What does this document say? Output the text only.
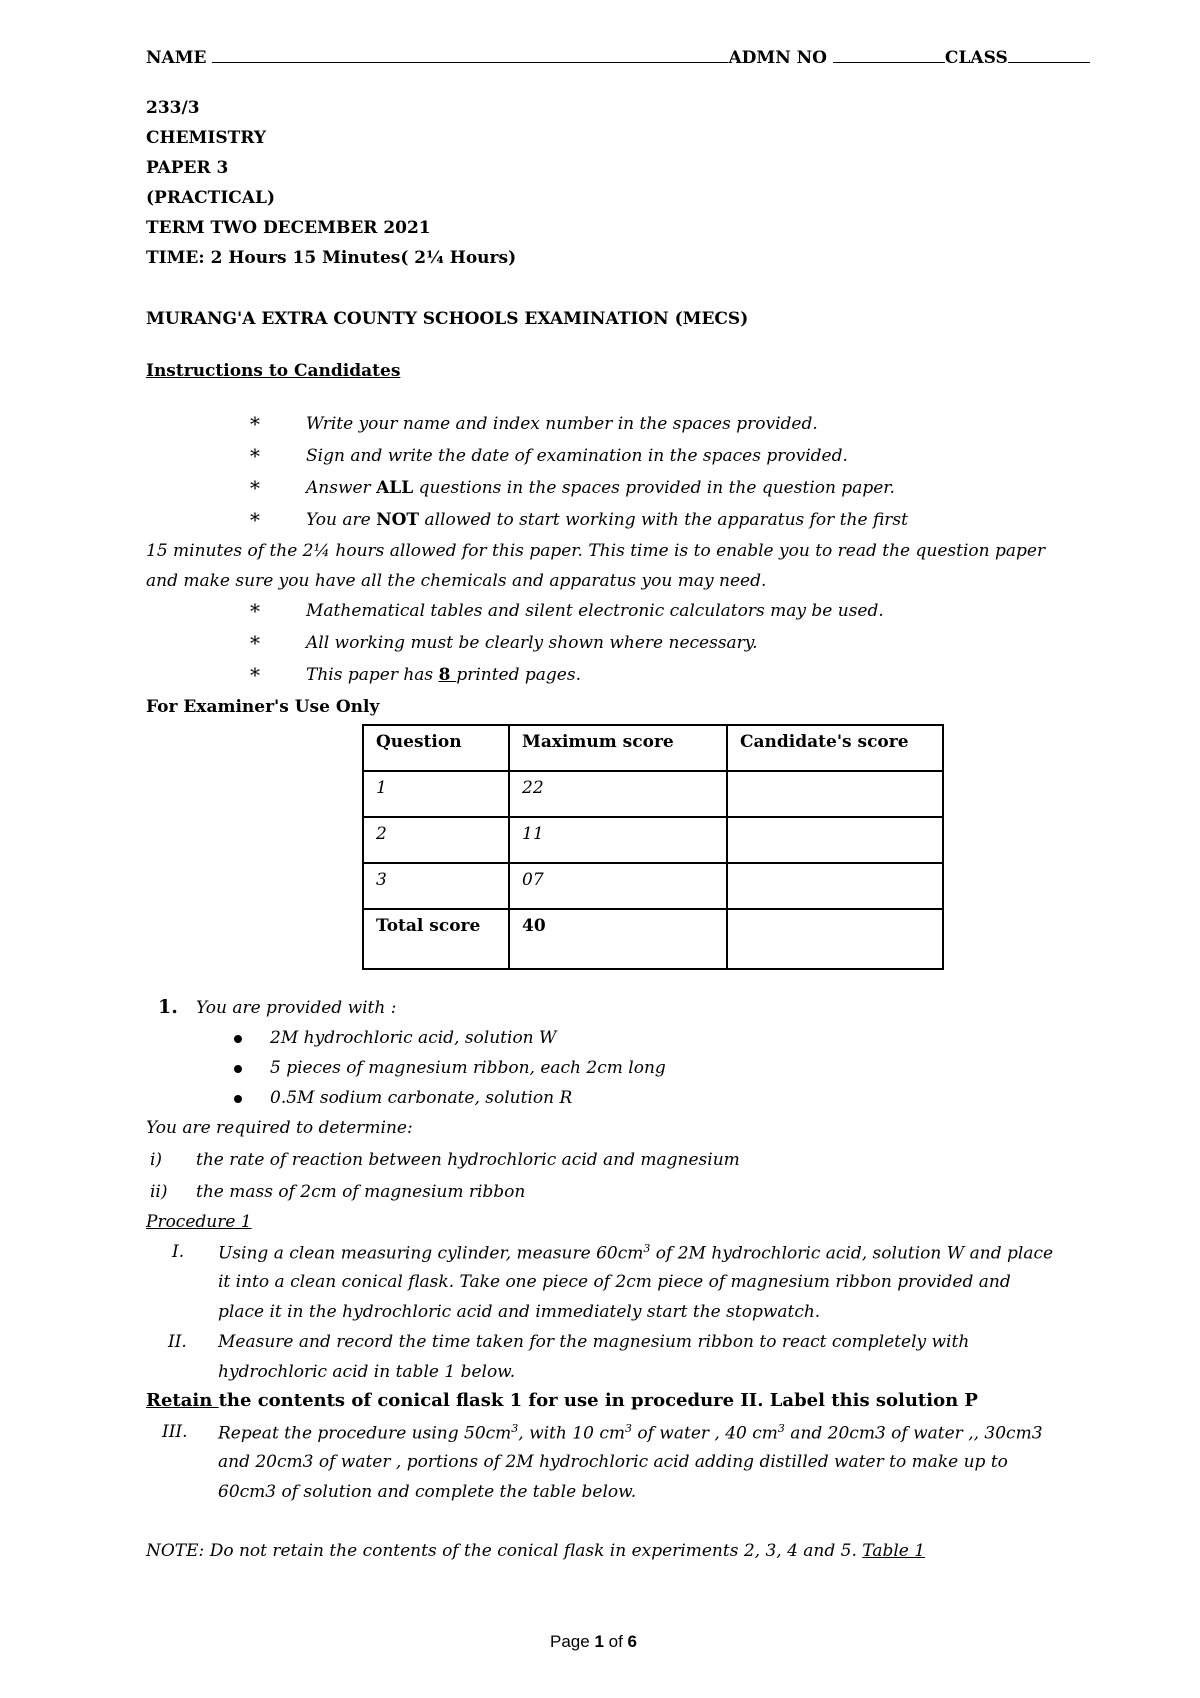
NAME	ADMN NO	CLASS
233/3
CHEMISTRY
PAPER 3
(PRACTICAL)
TERM TWO DECEMBER 2021
TIME: 2 Hours 15 Minutes( 2¼ Hours)
MURANG'A EXTRA COUNTY SCHOOLS EXAMINATION (MECS)
Instructions to Candidates
*	Write your name and index number in the spaces provided.
*	Sign and write the date of examination in the spaces provided.
*	Answer ALL questions in the spaces provided in the question paper.
*	You are NOT allowed to start working with the apparatus for the first
15 minutes of the 2¼ hours allowed for this paper. This time is to enable you to read the question paper
and make sure you have all the chemicals and apparatus you may need.
*	Mathematical tables and silent electronic calculators may be used.
*	All working must be clearly shown where necessary.
*	This paper has 8 printed pages.
For Examiner's Use Only
Question	Maximum score	Candidate's score
1	22	
2	11	
3	07	
Total score	40	
1. You are provided with :
2M hydrochloric acid, solution W
5 pieces of magnesium ribbon, each 2cm long
0.5M sodium carbonate, solution R
You are required to determine:
i) the rate of reaction between hydrochloric acid and magnesium
ii) the mass of 2cm of magnesium ribbon
Procedure 1
I. Using a clean measuring cylinder, measure $60cm^3$ of 2M hydrochloric acid, solution W and place
it into a clean conical flask. Take one piece of 2cm piece of magnesium ribbon provided and
place it in the hydrochloric acid and immediately start the stopwatch.
II. Measure and record the time taken for the magnesium ribbon to react completely with
hydrochloric acid in table 1 below.
Retain the contents of conical flask 1 for use in procedure II. Label this solution P
III. Repeat the procedure using $50cm^3$, with 10 $cm^3$ of water , 40 $cm^3$ and 20cm3 of water ,, 30cm3
and 20cm3 of water , portions of 2M hydrochloric acid adding distilled water to make up to
60cm3 of solution and complete the table below.
NOTE: Do not retain the contents of the conical flask in experiments 2, 3, 4 and 5. Table 1
Page 1 of 6
